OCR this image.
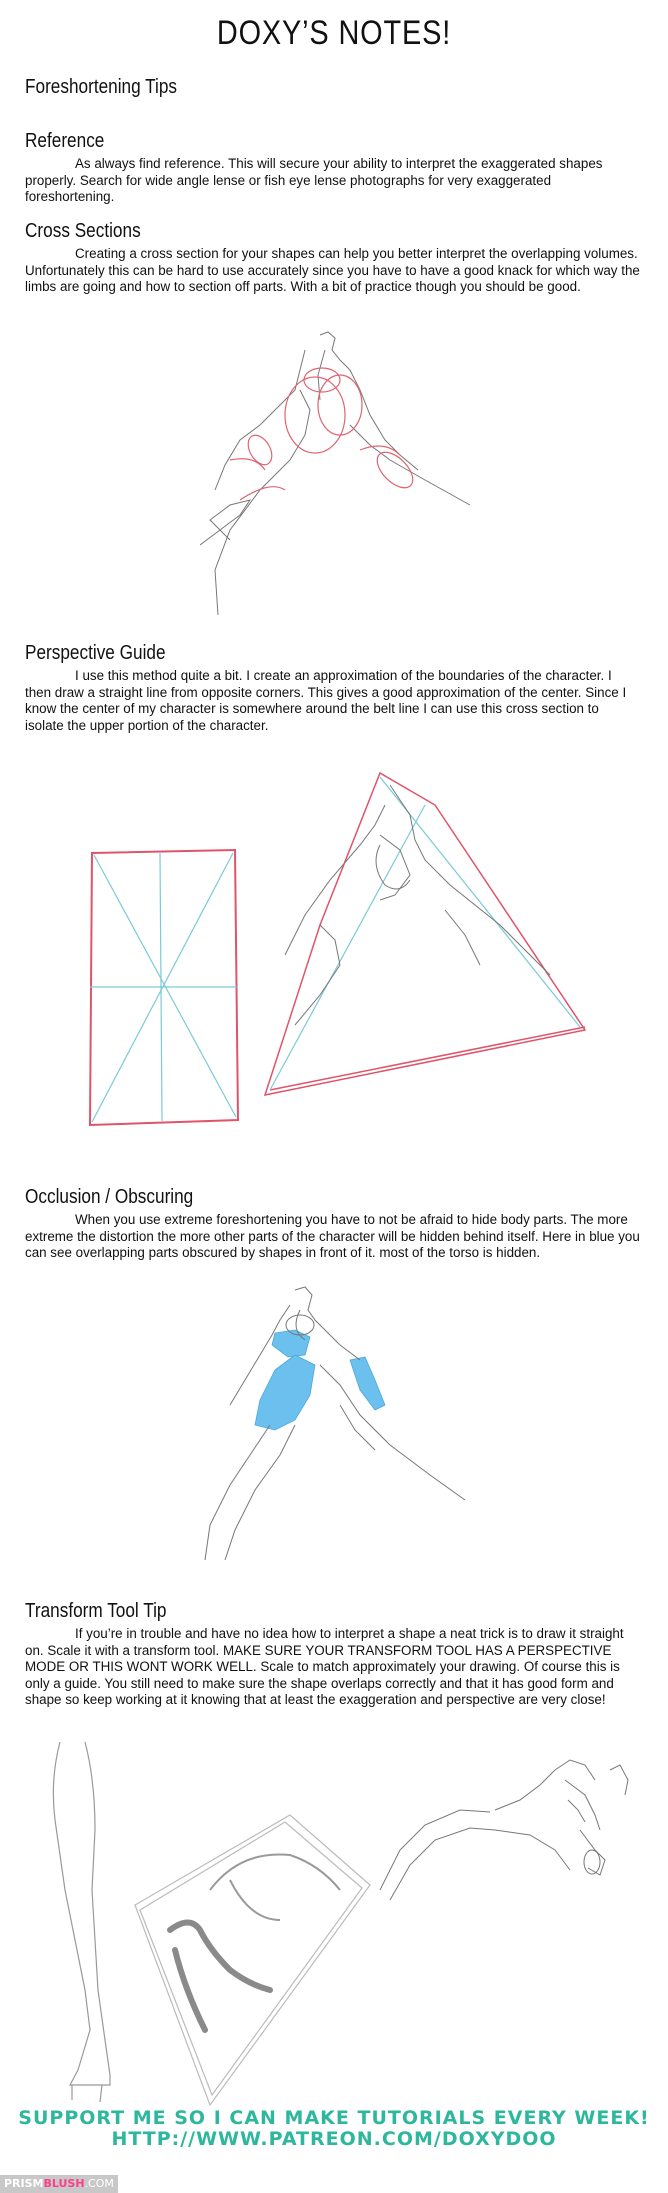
DOXY’S NOTES!
Foreshortening Tips
Reference
As always find reference. This will secure your ability to interpret the exaggerated shapes properly. Search for wide angle lense or fish eye lense photographs for very exaggerated foreshortening.
Cross Sections
Creating a cross section for your shapes can help you better interpret the overlapping volumes. Unfortunately this can be hard to use accurately since you have to have a good knack for which way the limbs are going and how to section off parts. With a bit of practice though you should be good.
Perspective Guide
I use this method quite a bit. I create an approximation of the boundaries of the character. I then draw a straight line from opposite corners. This gives a good approximation of the center. Since I know the center of my character is somewhere around the belt line I can use this cross section to isolate the upper portion of the character.
Occlusion / Obscuring
When you use extreme foreshortening you have to not be afraid to hide body parts. The more extreme the distortion the more other parts of the character will be hidden behind itself. Here in blue you can see overlapping parts obscured by shapes in front of it. most of the torso is hidden.
Transform Tool Tip
If you’re in trouble and have no idea how to interpret a shape a neat trick is to draw it straight on. Scale it with a transform tool. MAKE SURE YOUR TRANSFORM TOOL HAS A PERSPECTIVE MODE OR THIS WONT WORK WELL. Scale to match approximately your drawing. Of course this is only a guide. You still need to make sure the shape overlaps correctly and that it has good form and shape so keep working at it knowing that at least the exaggeration and perspective are very close!
SUPPORT ME SO I CAN MAKE TUTORIALS EVERY WEEK!
HTTP://WWW.PATREON.COM/DOXYDOO
PRISMBLUSH.COM
